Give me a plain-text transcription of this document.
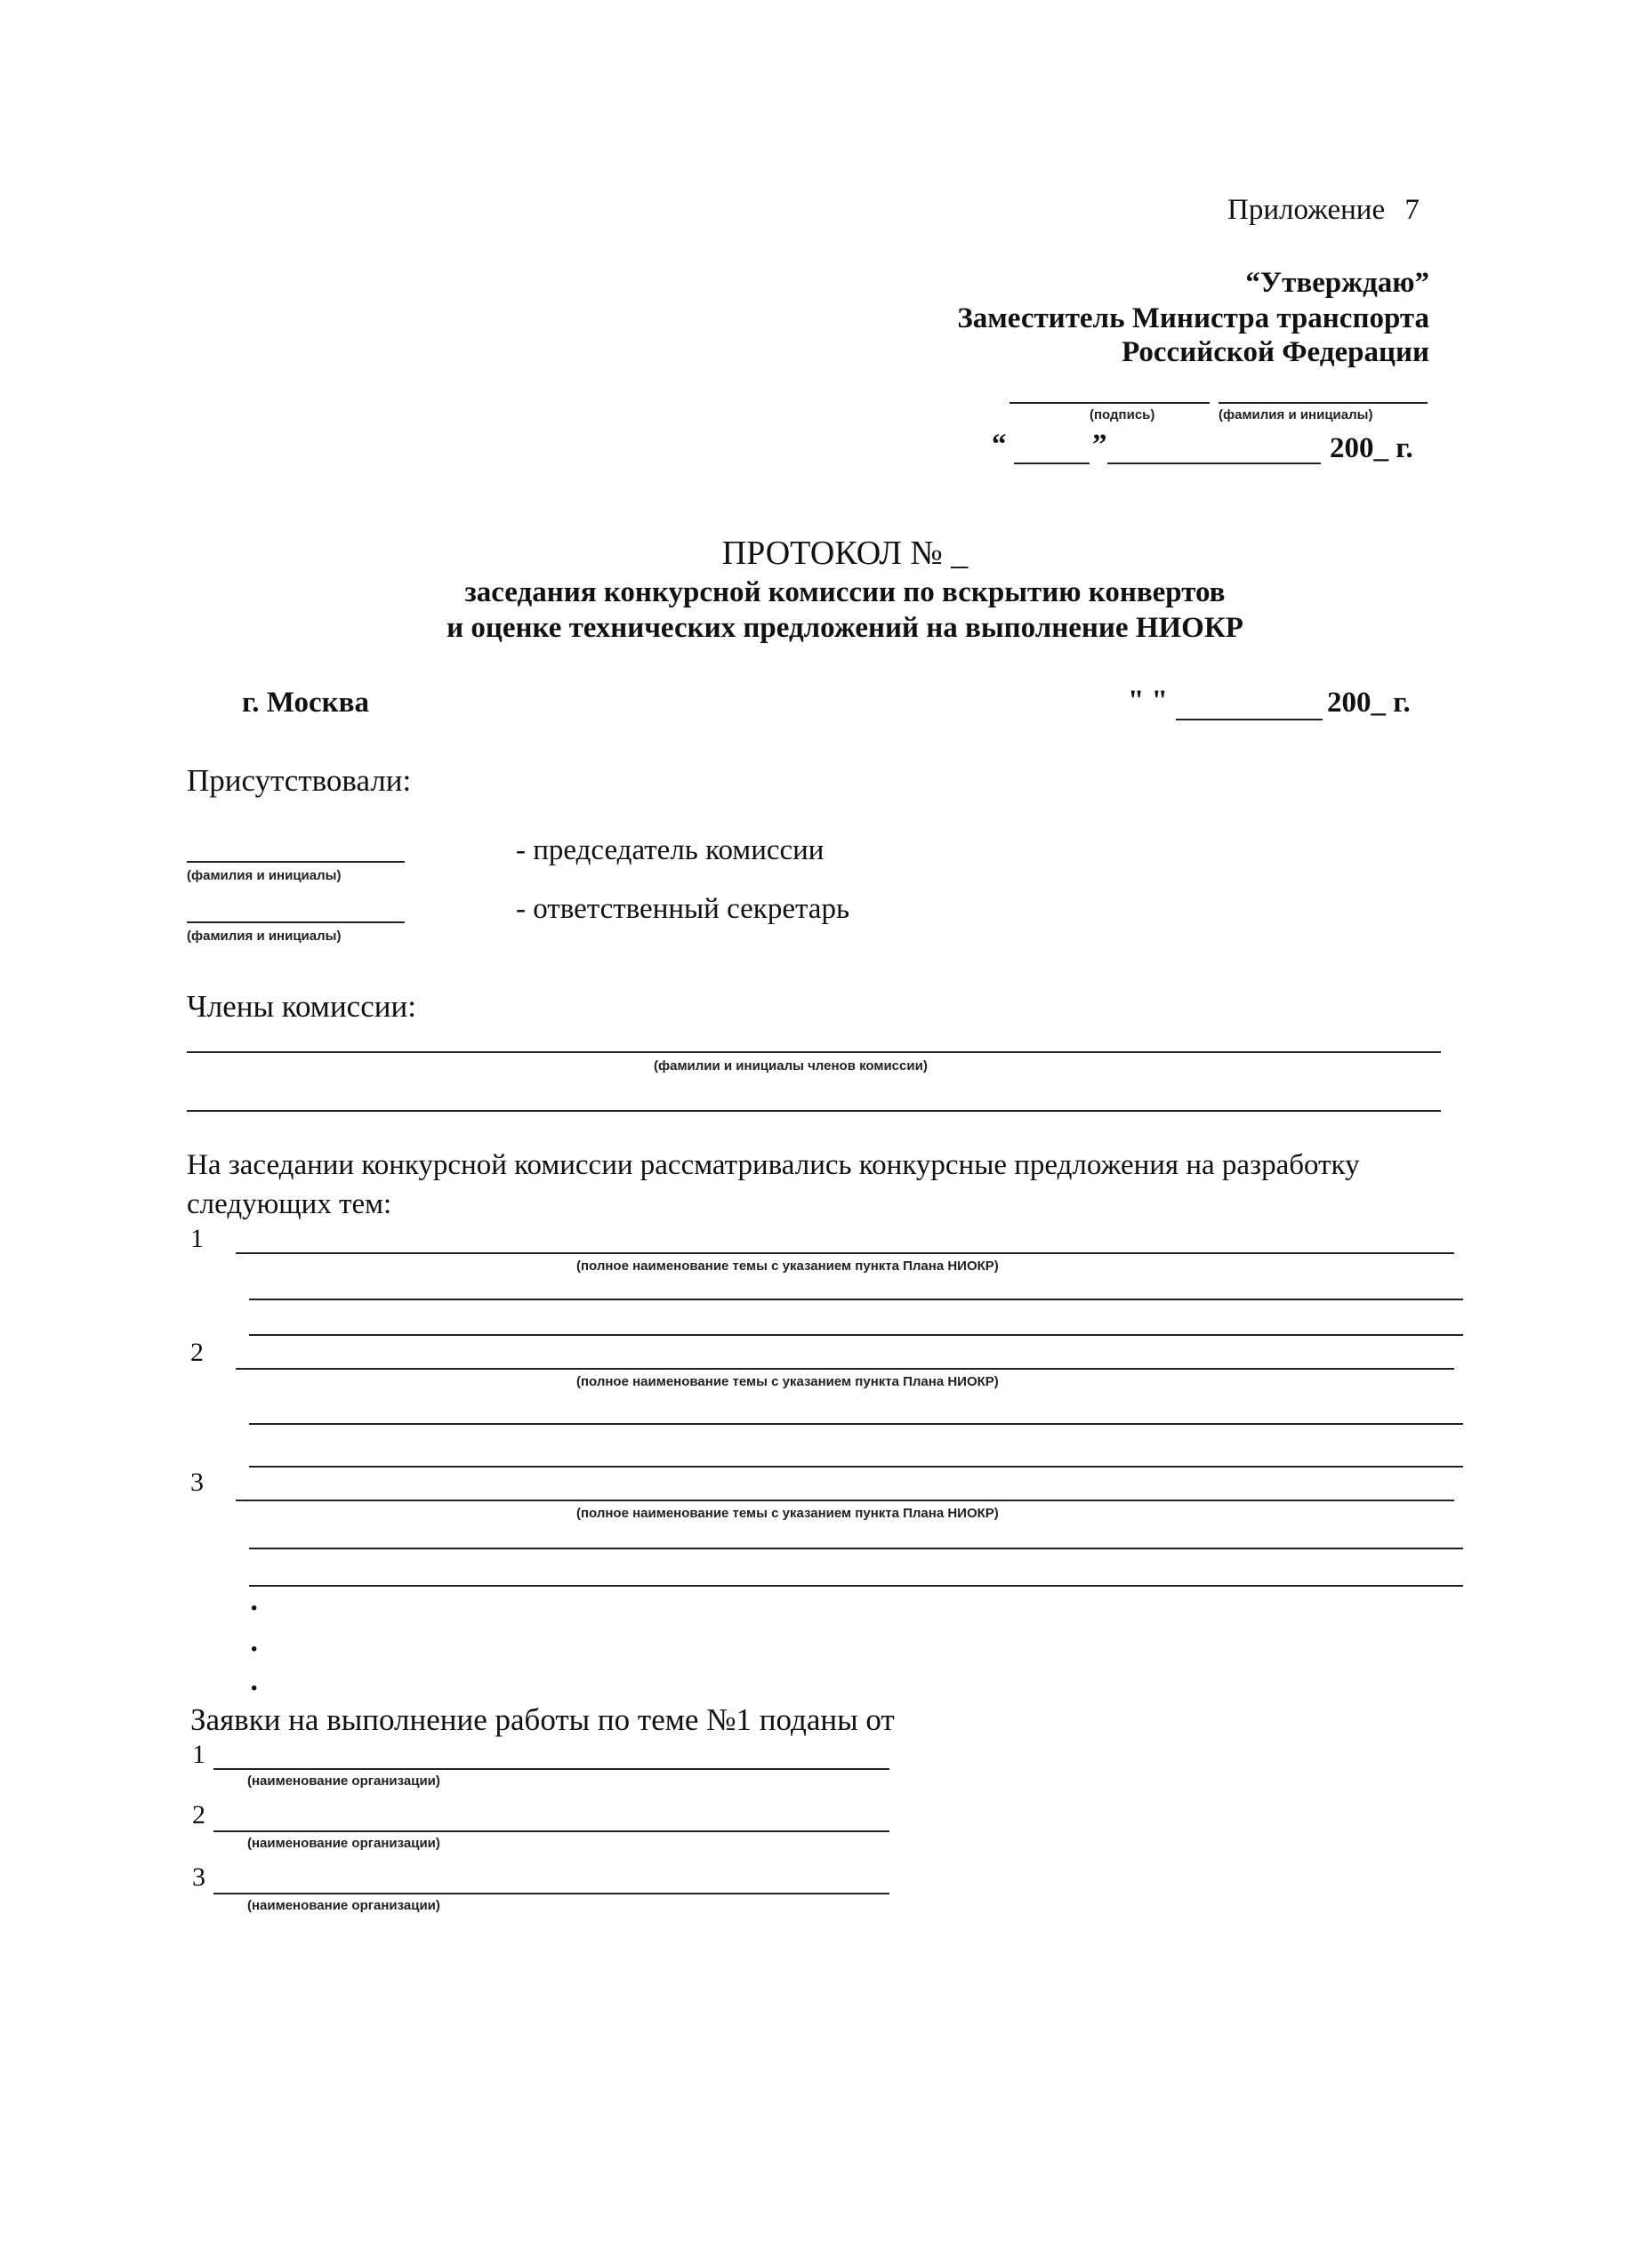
Приложение 7
“Утверждаю”
Заместитель Министра транспорта
Российской Федерации
(подпись)	(фамилия и инициалы)
“	”	200_ г.
ПРОТОКОЛ № _
заседания конкурсной комиссии по вскрытию конвертов
и оценке технических предложений на выполнение НИОКР
г. Москва	" "	200_ г.
Присутствовали:
(фамилия и инициалы)
- председатель комиссии
(фамилия и инициалы)
- ответственный секретарь
Члены комиссии:
(фамилии и инициалы членов комиссии)
На заседании конкурсной комиссии рассматривались конкурсные предложения на разработку
следующих тем:
1
(полное наименование темы с указанием пункта Плана НИОКР)
2
(полное наименование темы с указанием пункта Плана НИОКР)
3
(полное наименование темы с указанием пункта Плана НИОКР)
·
·
·
Заявки на выполнение работы по теме №1 поданы от
1
(наименование организации)
2
(наименование организации)
3
(наименование организации)
